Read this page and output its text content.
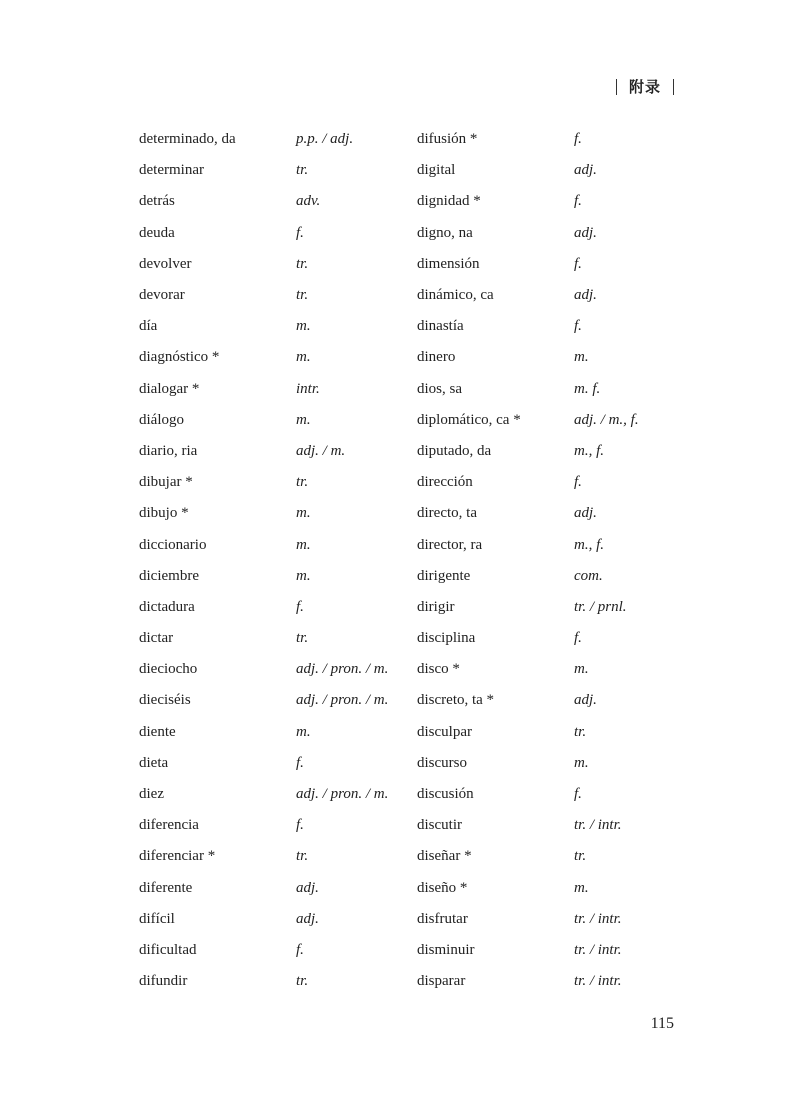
附录
determinado, da	p.p. / adj.	difusión *	f.
determinar	tr.	digital	adj.
detrás	adv.	dignidad *	f.
deuda	f.	digno, na	adj.
devolver	tr.	dimensión	f.
devorar	tr.	dinámico, ca	adj.
día	m.	dinastía	f.
diagnóstico *	m.	dinero	m.
dialogar *	intr.	dios, sa	m. f.
diálogo	m.	diplomático, ca *	adj. / m., f.
diario, ria	adj. / m.	diputado, da	m., f.
dibujar *	tr.	dirección	f.
dibujo *	m.	directo, ta	adj.
diccionario	m.	director, ra	m., f.
diciembre	m.	dirigente	com.
dictadura	f.	dirigir	tr. / prnl.
dictar	tr.	disciplina	f.
dieciocho	adj. / pron. / m.	disco *	m.
dieciséis	adj. / pron. / m.	discreto, ta *	adj.
diente	m.	disculpar	tr.
dieta	f.	discurso	m.
diez	adj. / pron. / m.	discusión	f.
diferencia	f.	discutir	tr. / intr.
diferenciar *	tr.	diseñar *	tr.
diferente	adj.	diseño *	m.
difícil	adj.	disfrutar	tr. / intr.
dificultad	f.	disminuir	tr. / intr.
difundir	tr.	disparar	tr. / intr.
115
